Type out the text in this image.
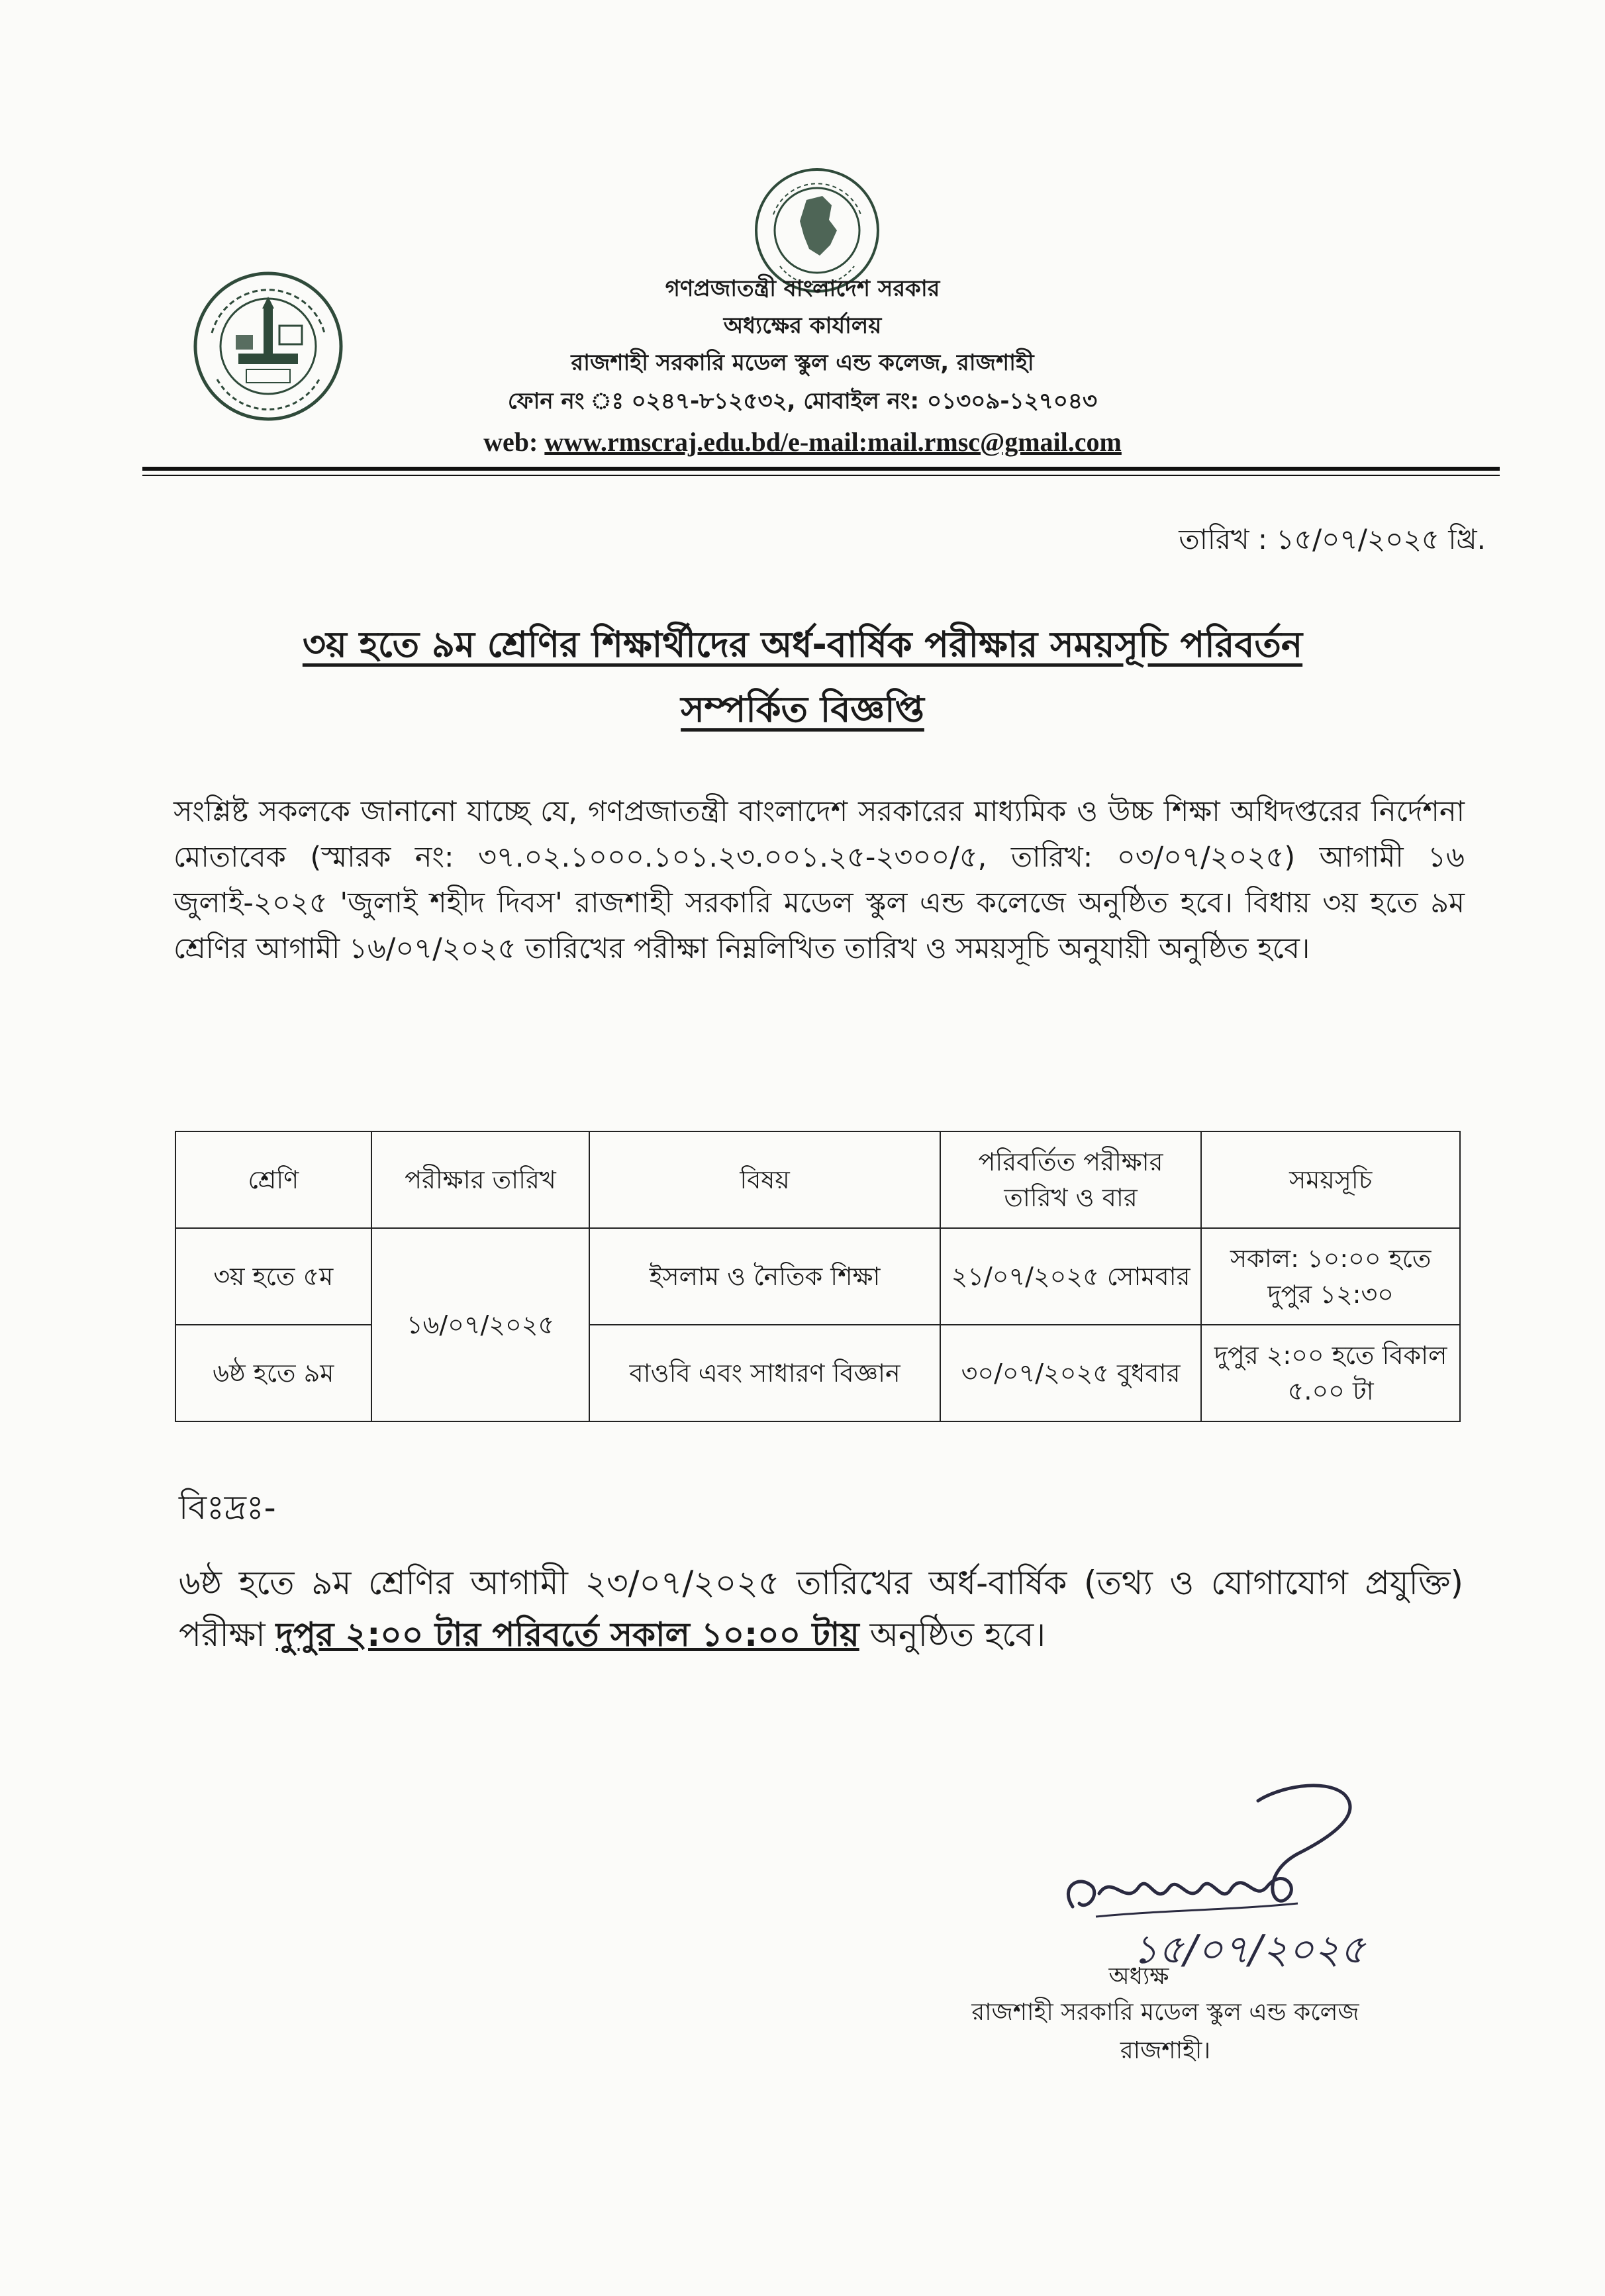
গণপ্রজাতন্ত্রী বাংলাদেশ সরকার
অধ্যক্ষের কার্যালয়
রাজশাহী সরকারি মডেল স্কুল এন্ড কলেজ, রাজশাহী
ফোন নং ঃ ০২৪৭-৮১২৫৩২, মোবাইল নং: ০১৩০৯-১২৭০৪৩
web: www.rmscraj.edu.bd/e-mail:mail.rmsc@gmail.com
তারিখ : ১৫/০৭/২০২৫ খ্রি.
৩য় হতে ৯ম শ্রেণির শিক্ষার্থীদের অর্ধ-বার্ষিক পরীক্ষার সময়সূচি পরিবর্তন
সম্পর্কিত বিজ্ঞপ্তি
সংশ্লিষ্ট সকলকে জানানো যাচ্ছে যে, গণপ্রজাতন্ত্রী বাংলাদেশ সরকারের মাধ্যমিক ও উচ্চ শিক্ষা অধিদপ্তরের নির্দেশনা মোতাবেক (স্মারক নং: ৩৭.০২.১০০০.১০১.২৩.০০১.২৫-২৩০০/৫, তারিখ: ০৩/০৭/২০২৫) আগামী ১৬ জুলাই-২০২৫ 'জুলাই শহীদ দিবস' রাজশাহী সরকারি মডেল স্কুল এন্ড কলেজে অনুষ্ঠিত হবে। বিধায় ৩য় হতে ৯ম শ্রেণির আগামী ১৬/০৭/২০২৫ তারিখের পরীক্ষা নিম্নলিখিত তারিখ ও সময়সূচি অনুযায়ী অনুষ্ঠিত হবে।
শ্রেণি	পরীক্ষার তারিখ	বিষয়	পরিবর্তিত পরীক্ষার তারিখ ও বার	সময়সূচি
৩য় হতে ৫ম	১৬/০৭/২০২৫	ইসলাম ও নৈতিক শিক্ষা	২১/০৭/২০২৫ সোমবার	সকাল: ১০:০০ হতে দুপুর ১২:৩০
৬ষ্ঠ হতে ৯ম		বাওবি এবং সাধারণ বিজ্ঞান	৩০/০৭/২০২৫ বুধবার	দুপুর ২:০০ হতে বিকাল ৫.০০ টা
বিঃদ্রঃ-
৬ষ্ঠ হতে ৯ম শ্রেণির আগামী ২৩/০৭/২০২৫ তারিখের অর্ধ-বার্ষিক (তথ্য ও যোগাযোগ প্রযুক্তি) পরীক্ষা দুপুর ২:০০ টার পরিবর্তে সকাল ১০:০০ টায় অনুষ্ঠিত হবে।
১৫/০৭/২০২৫
অধ্যক্ষ
রাজশাহী সরকারি মডেল স্কুল এন্ড কলেজ
রাজশাহী।
